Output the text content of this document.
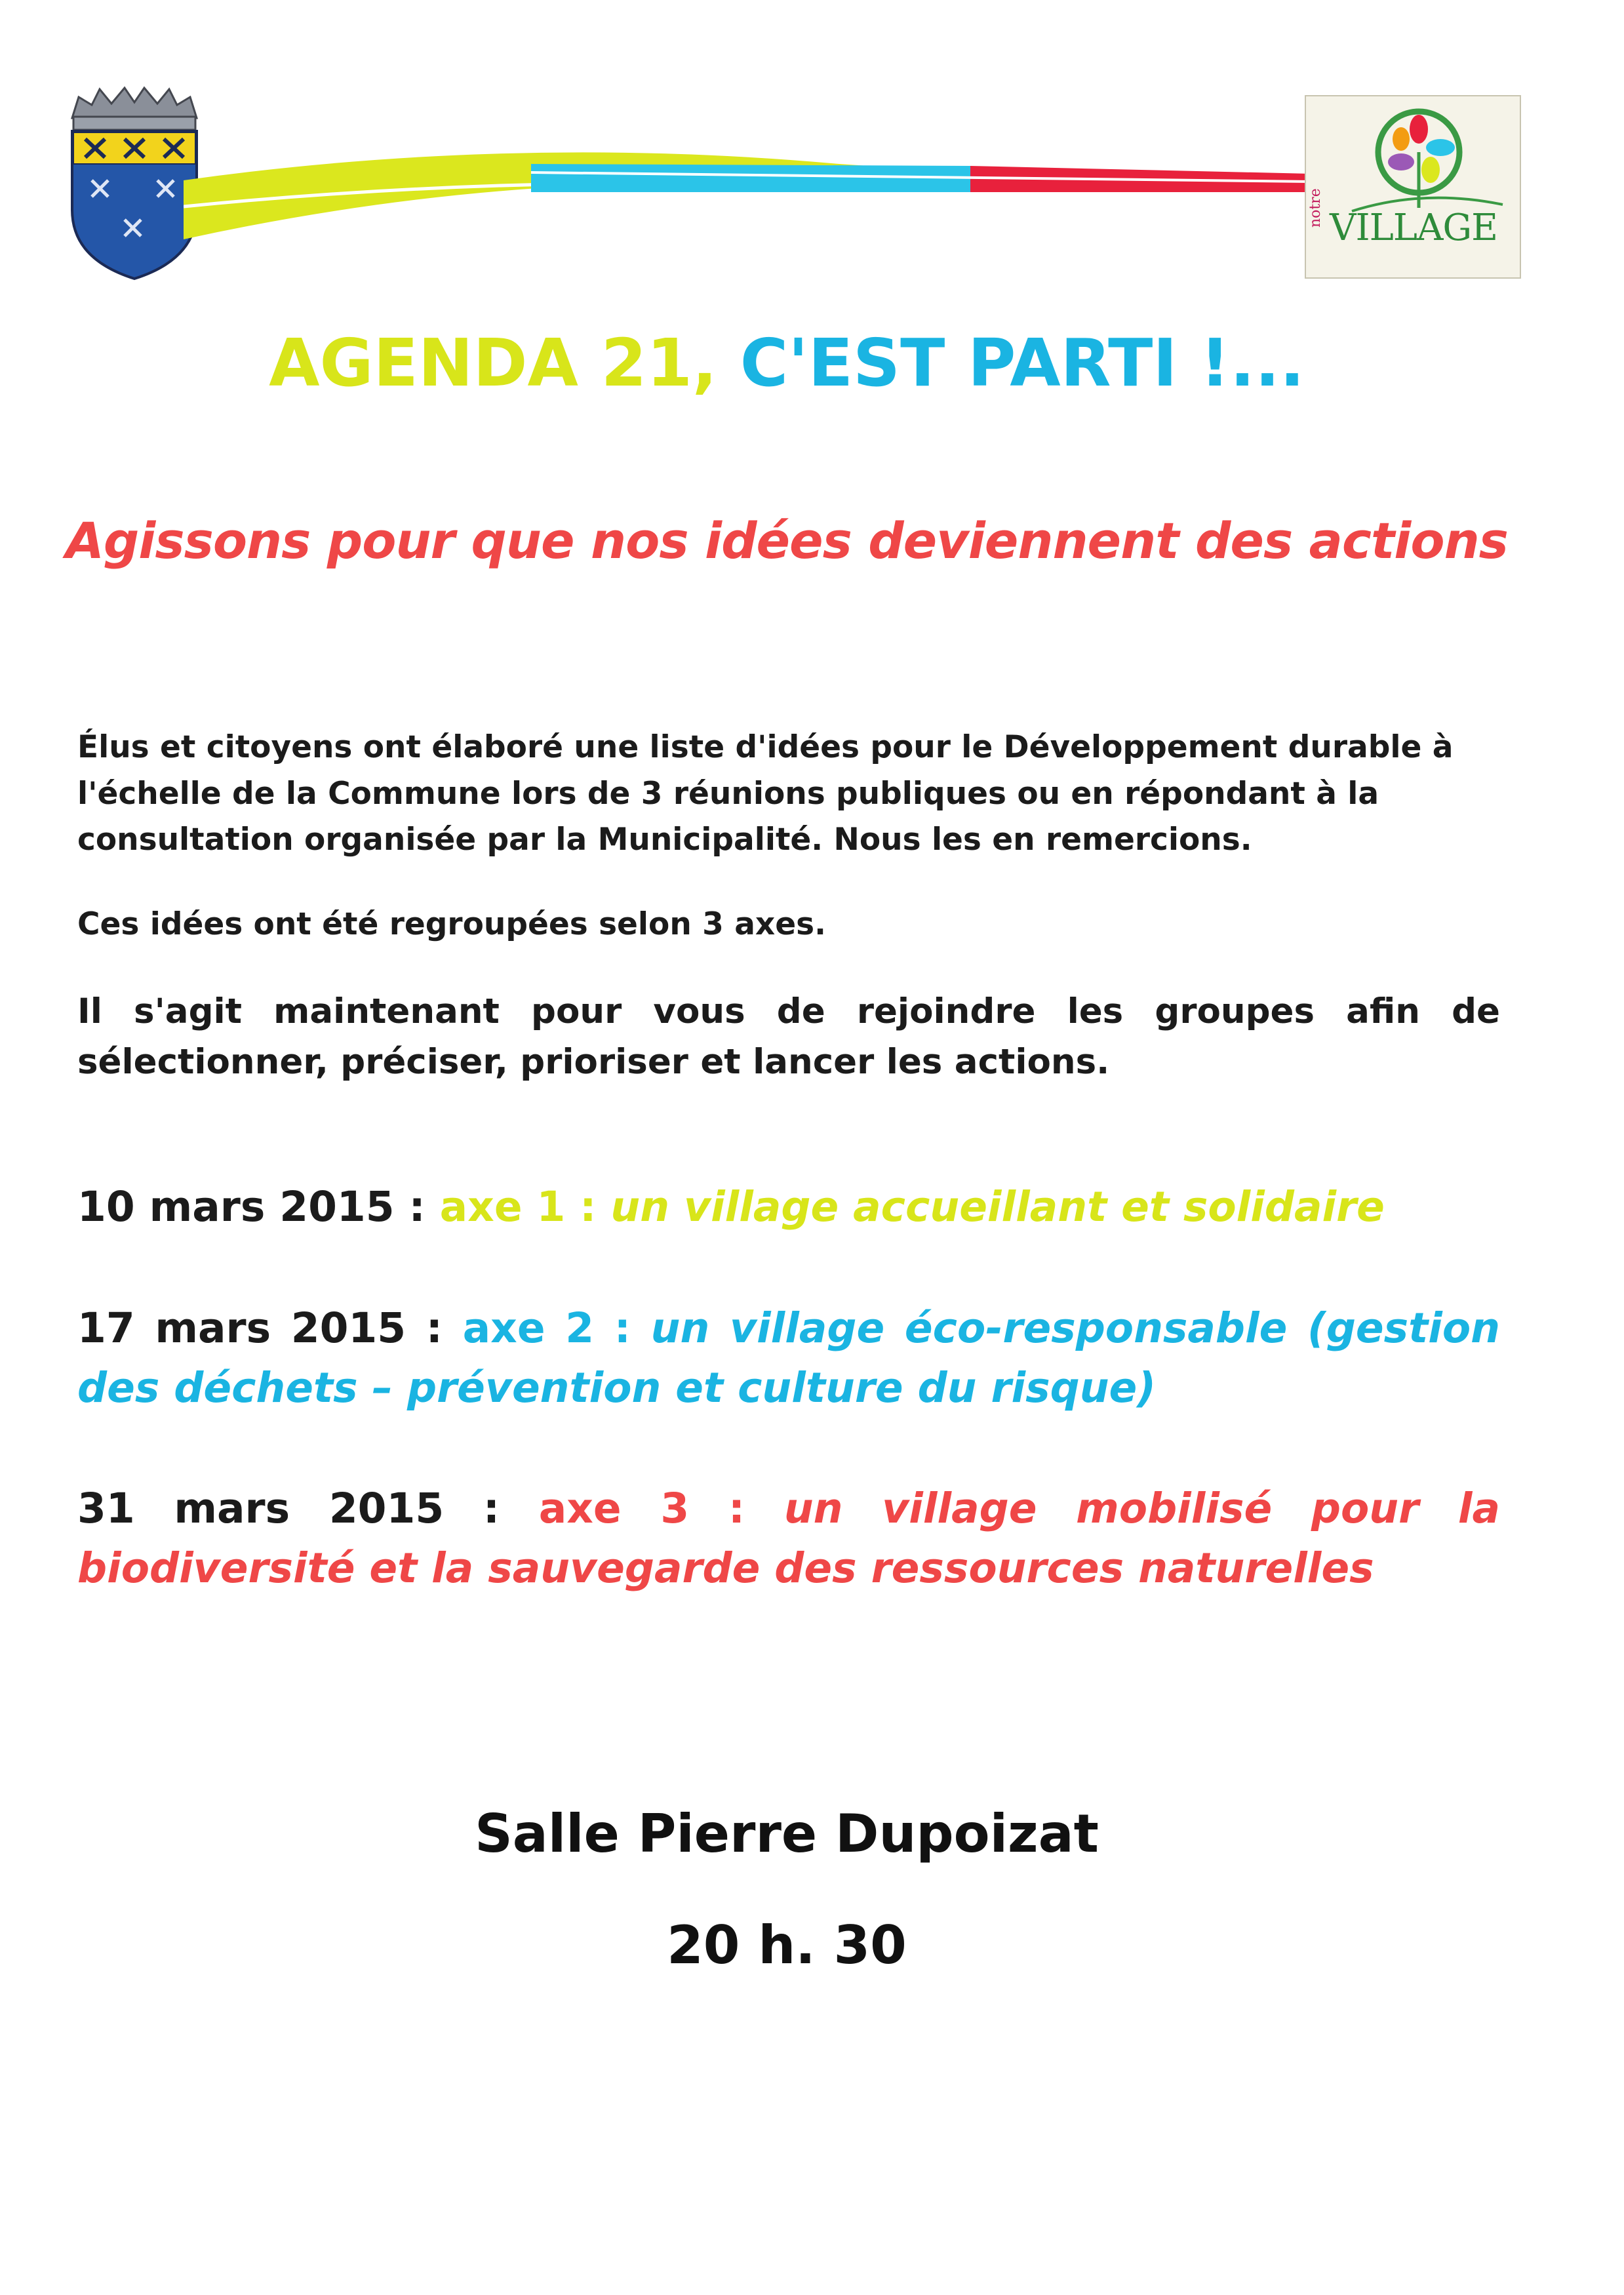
notre VILLAGE
AGENDA 21, C'EST PARTI !...
Agissons pour que nos idées deviennent des actions
Élus et citoyens ont élaboré une liste d'idées pour le Développement durable à l'échelle de la Commune lors de 3 réunions publiques ou en répondant à la consultation organisée par la Municipalité. Nous les en remercions.
Ces idées ont été regroupées selon 3 axes.
Il s'agit maintenant pour vous de rejoindre les groupes afin de sélectionner, préciser, prioriser et lancer les actions.
10 mars 2015 : axe 1 : un village accueillant et solidaire
17 mars 2015 : axe 2 : un village éco-responsable (gestion des déchets – prévention et culture du risque)
31 mars 2015 : axe 3 : un village mobilisé pour la biodiversité et la sauvegarde des ressources naturelles
Salle Pierre Dupoizat
20 h. 30
